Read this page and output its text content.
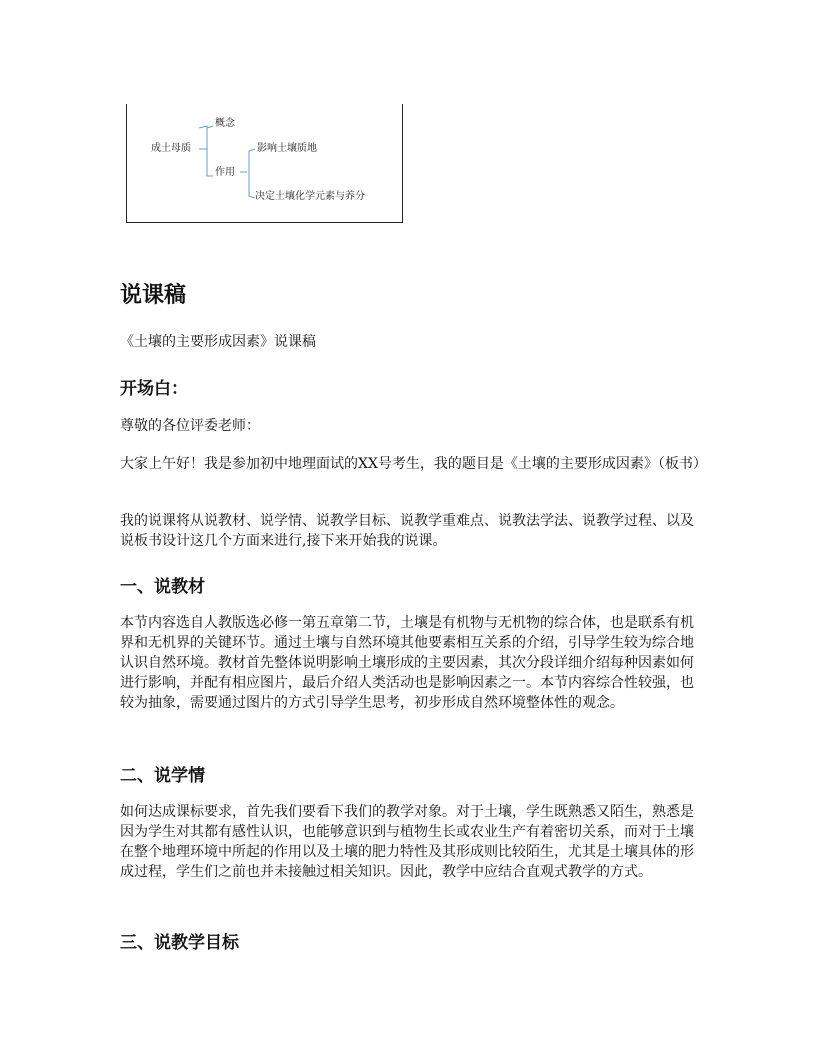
成土母质
概念
作用
影响土壤质地
决定土壤化学元素与养分
说课稿

《土壤的主要形成因素》说课稿

开场白：

尊敬的各位评委老师：

大家上午好！我是参加初中地理面试的XX号考生，我的题目是《土壤的主要形成因素》（板书）

我的说课将从说教材、说学情、说教学目标、说教学重难点、说教法学法、说教学过程、以及说板书设计这几个方面来进行,接下来开始我的说课。

一、说教材

本节内容选自人教版选必修一第五章第二节，土壤是有机物与无机物的综合体，也是联系有机界和无机界的关键环节。通过土壤与自然环境其他要素相互关系的介绍，引导学生较为综合地认识自然环境。教材首先整体说明影响土壤形成的主要因素，其次分段详细介绍每种因素如何进行影响，并配有相应图片，最后介绍人类活动也是影响因素之一。本节内容综合性较强，也较为抽象，需要通过图片的方式引导学生思考，初步形成自然环境整体性的观念。

二、说学情

如何达成课标要求，首先我们要看下我们的教学对象。对于土壤，学生既熟悉又陌生，熟悉是因为学生对其都有感性认识，也能够意识到与植物生长或农业生产有着密切关系，而对于土壤在整个地理环境中所起的作用以及土壤的肥力特性及其形成则比较陌生，尤其是土壤具体的形成过程，学生们之前也并未接触过相关知识。因此，教学中应结合直观式教学的方式。

三、说教学目标
